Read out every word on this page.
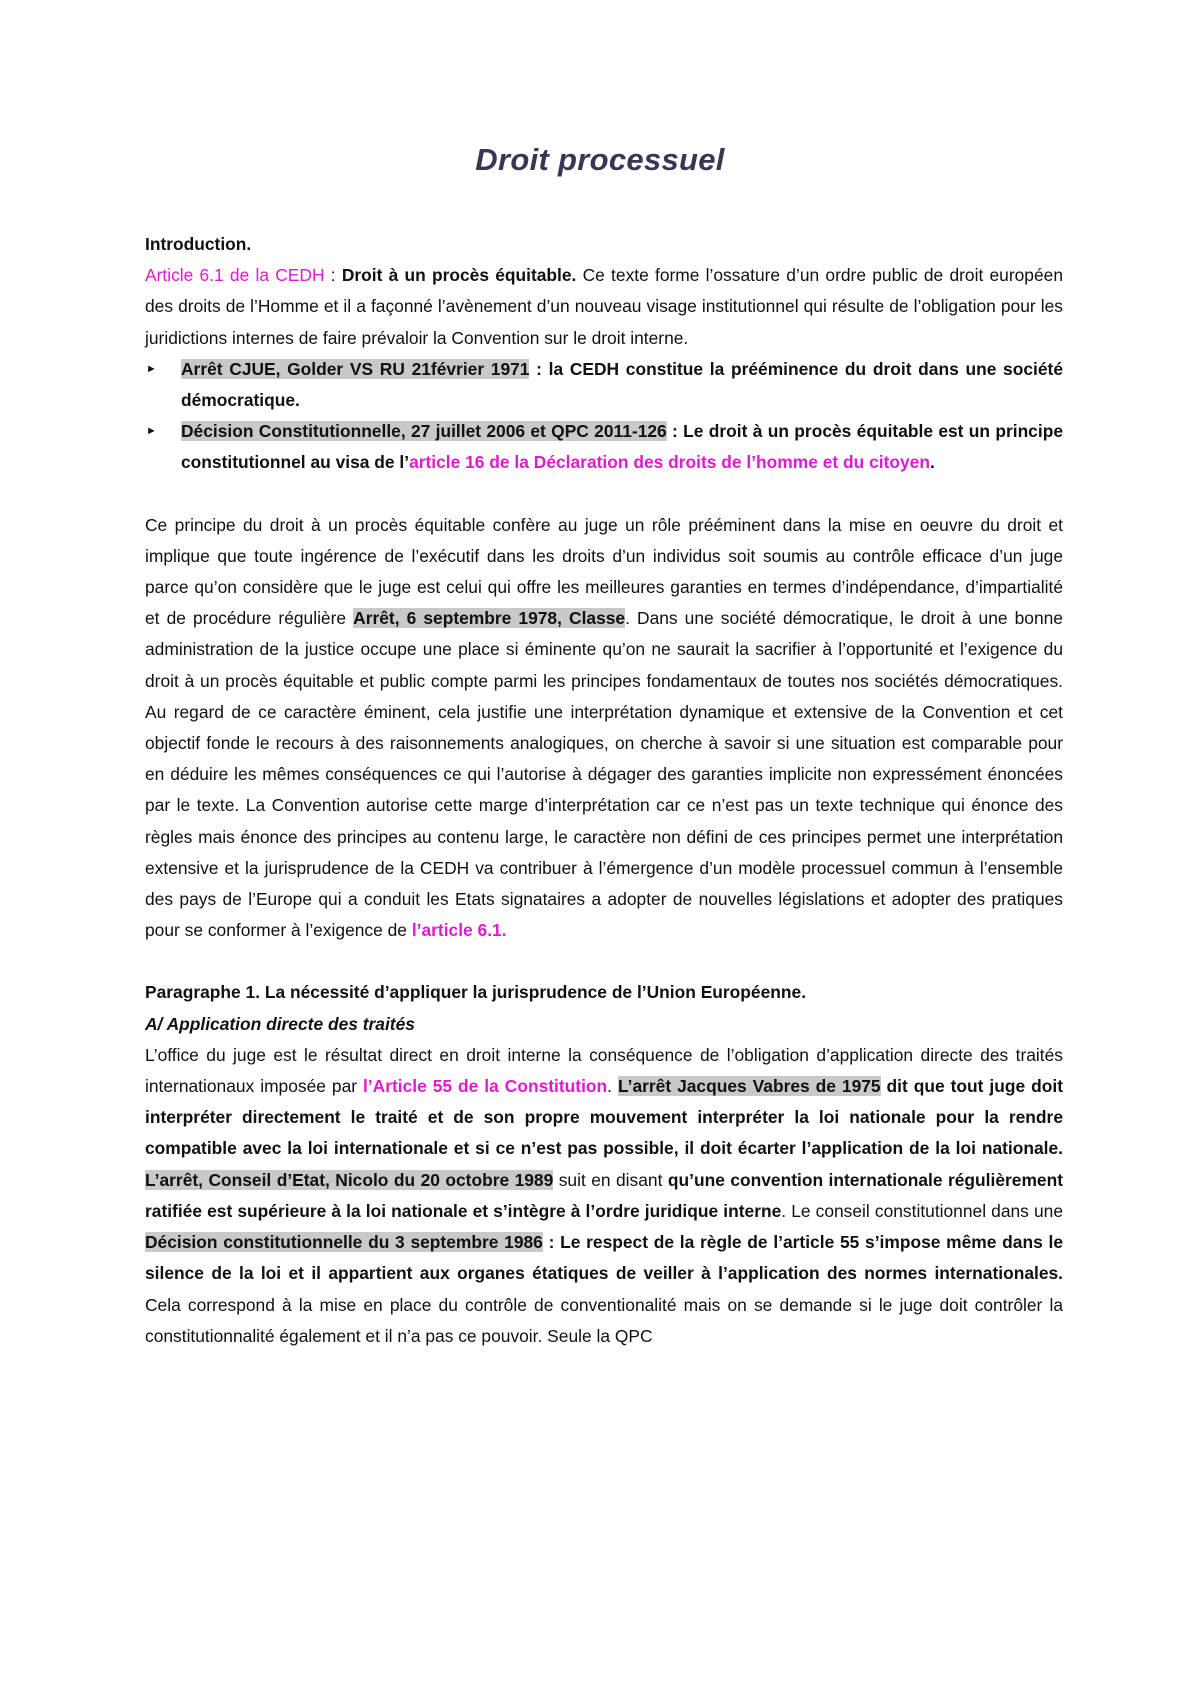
Droit processuel

Introduction.

Article 6.1 de la CEDH : Droit à un procès équitable. Ce texte forme l’ossature d’un ordre public de droit européen des droits de l’Homme et il a façonné l’avènement d’un nouveau visage institutionnel qui résulte de l’obligation pour les juridictions internes de faire prévaloir la Convention sur le droit interne.

► Arrêt CJUE, Golder VS RU 21février 1971 : la CEDH constitue la prééminence du droit dans une société démocratique.
► Décision Constitutionnelle, 27 juillet 2006 et QPC 2011-126 : Le droit à un procès équitable est un principe constitutionnel au visa de l’article 16 de la Déclaration des droits de l’homme et du citoyen.

Ce principe du droit à un procès équitable confère au juge un rôle prééminent dans la mise en oeuvre du droit et implique que toute ingérence de l’exécutif dans les droits d’un individus soit soumis au contrôle efficace d’un juge parce qu’on considère que le juge est celui qui offre les meilleures garanties en termes d’indépendance, d’impartialité et de procédure régulière Arrêt, 6 septembre 1978, Classe. Dans une société démocratique, le droit à une bonne administration de la justice occupe une place si éminente qu’on ne saurait la sacrifier à l’opportunité et l’exigence du droit à un procès équitable et public compte parmi les principes fondamentaux de toutes nos sociétés démocratiques. Au regard de ce caractère éminent, cela justifie une interprétation dynamique et extensive de la Convention et cet objectif fonde le recours à des raisonnements analogiques, on cherche à savoir si une situation est comparable pour en déduire les mêmes conséquences ce qui l’autorise à dégager des garanties implicite non expressément énoncées par le texte. La Convention autorise cette marge d’interprétation car ce n’est pas un texte technique qui énonce des règles mais énonce des principes au contenu large, le caractère non défini de ces principes permet une interprétation extensive et la jurisprudence de la CEDH va contribuer à l’émergence d’un modèle processuel commun à l’ensemble des pays de l’Europe qui a conduit les Etats signataires a adopter de nouvelles législations et adopter des pratiques pour se conformer à l’exigence de l’article 6.1.

Paragraphe 1. La nécessité d’appliquer la jurisprudence de l’Union Européenne.

A/ Application directe des traités

L’office du juge est le résultat direct en droit interne la conséquence de l’obligation d’application directe des traités internationaux imposée par l’Article 55 de la Constitution. L’arrêt Jacques Vabres de 1975 dit que tout juge doit interpréter directement le traité et de son propre mouvement interpréter la loi nationale pour la rendre compatible avec la loi internationale et si ce n’est pas possible, il doit écarter l’application de la loi nationale. L’arrêt, Conseil d’Etat, Nicolo du 20 octobre 1989 suit en disant qu’une convention internationale régulièrement ratifiée est supérieure à la loi nationale et s’intègre à l’ordre juridique interne. Le conseil constitutionnel dans une Décision constitutionnelle du 3 septembre 1986 : Le respect de la règle de l’article 55 s’impose même dans le silence de la loi et il appartient aux organes étatiques de veiller à l’application des normes internationales. Cela correspond à la mise en place du contrôle de conventionalité mais on se demande si le juge doit contrôler la constitutionnalité également et il n’a pas ce pouvoir. Seule la QPC
